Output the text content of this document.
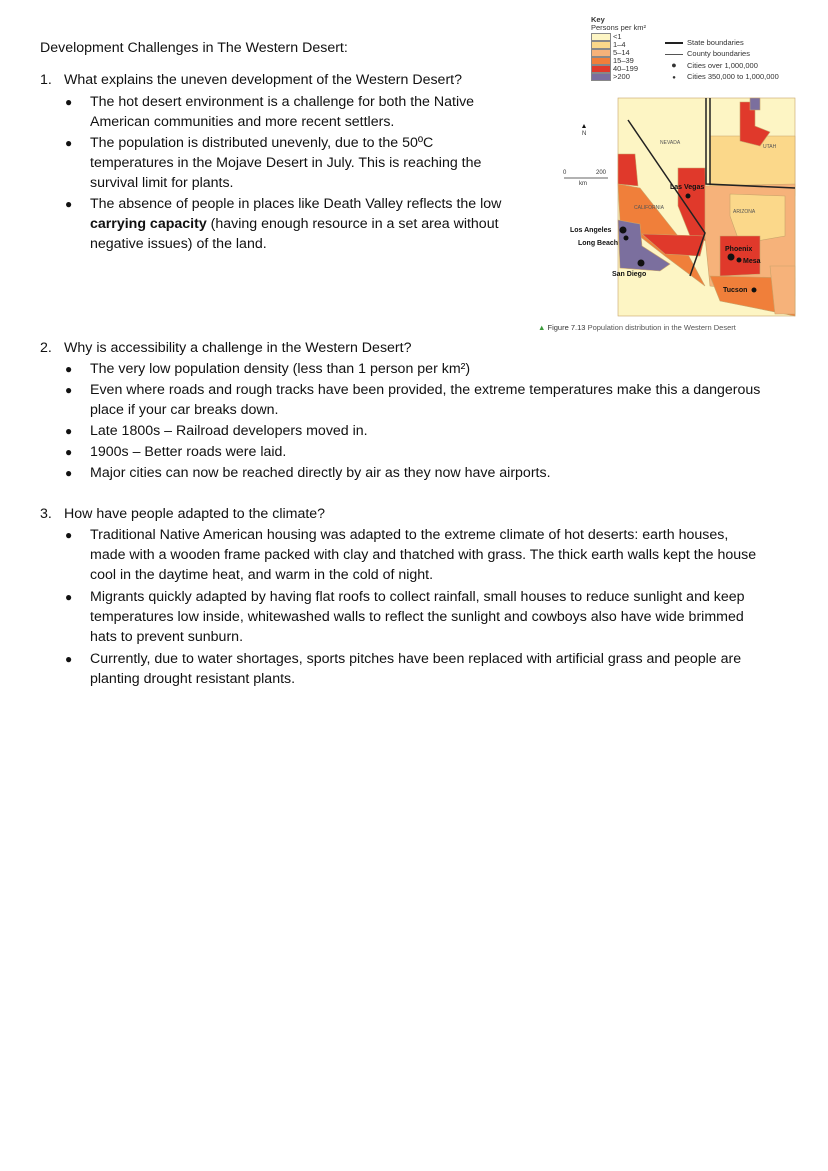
Development Challenges in The Western Desert:
1. What explains the uneven development of the Western Desert?
● The hot desert environment is a challenge for both the Native
American communities and more recent settlers.
● The population is distributed unevenly, due to the 50ºC
temperatures in the Mojave Desert in July. This is reaching the
survival limit for plants.
● The absence of people in places like Death Valley reflects the low
carrying capacity (having enough resource in a set area without
negative issues) of the land.
2. Why is accessibility a challenge in the Western Desert?
● The very low population density (less than 1 person per km²)
● Even where roads and rough tracks have been provided, the extreme temperatures make this a dangerous
place if your car breaks down.
● Late 1800s – Railroad developers moved in.
● 1900s – Better roads were laid.
● Major cities can now be reached directly by air as they now have airports.
3. How have people adapted to the climate?
● Traditional Native American housing was adapted to the extreme climate of hot deserts: earth houses,
made with a wooden frame packed with clay and thatched with grass. The thick earth walls kept the house
cool in the daytime heat, and warm in the cold of night.
● Migrants quickly adapted by having flat roofs to collect rainfall, small houses to reduce sunlight and keep
temperatures low inside, whitewashed walls to reflect the sunlight and cowboys also have wide brimmed
hats to prevent sunburn.
● Currently, due to water shortages, sports pitches have been replaced with artificial grass and people are
planting drought resistant plants.
Key
Persons per km²
<1
1–4
5–14
15–39
40–199
>200
State boundaries
County boundaries
● Cities over 1,000,000
● Cities 350,000 to 1,000,000
NEVADA
UTAH
CALIFORNIA
ARIZONA
Las Vegas
Los Angeles
Long Beach
San Diego
Phoenix
Mesa
Tucson
N
0	200
km
▲ Figure 7.13 Population distribution in the Western Desert
